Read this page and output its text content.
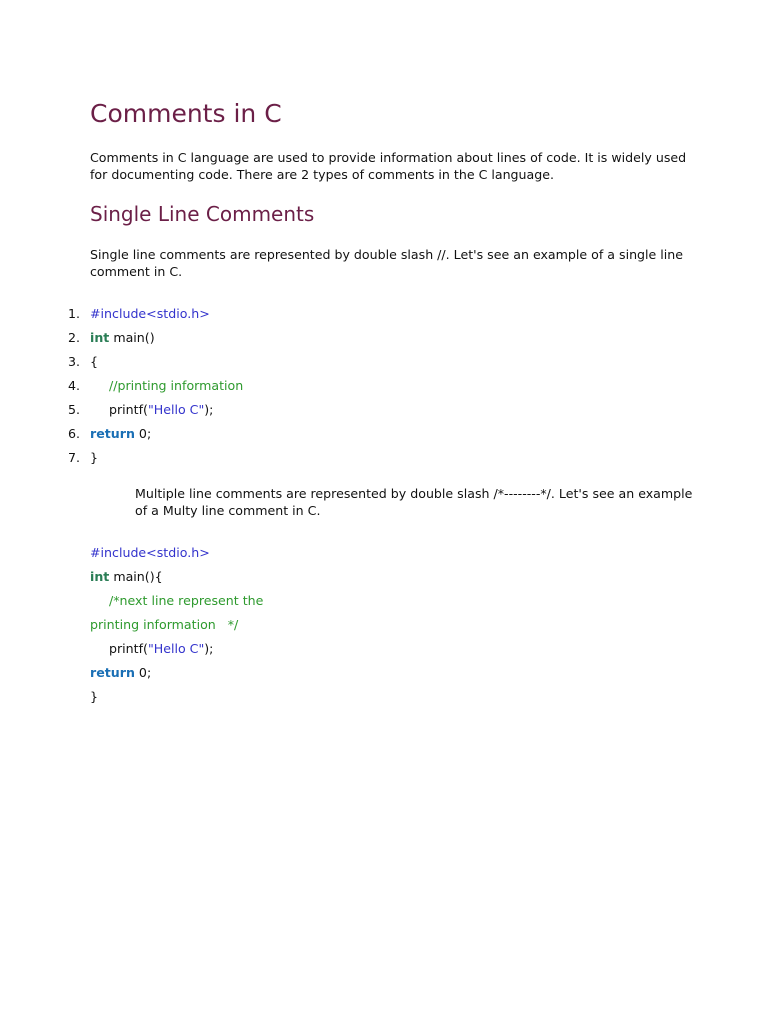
Comments in C

Comments in C language are used to provide information about lines of code. It is widely used for documenting code. There are 2 types of comments in the C language.

Single Line Comments

Single line comments are represented by double slash //. Let's see an example of a single line comment in C.

1. #include<stdio.h>
2. int main()
3. {
4.	//printing information
5.	printf("Hello C");
6. return 0;
7. }

Multiple line comments are represented by double slash /*--------*/. Let's see an example of a Multy line comment in C.

#include<stdio.h>
int main(){
/*next line represent the
printing information   */
printf("Hello C");
return 0;
}
